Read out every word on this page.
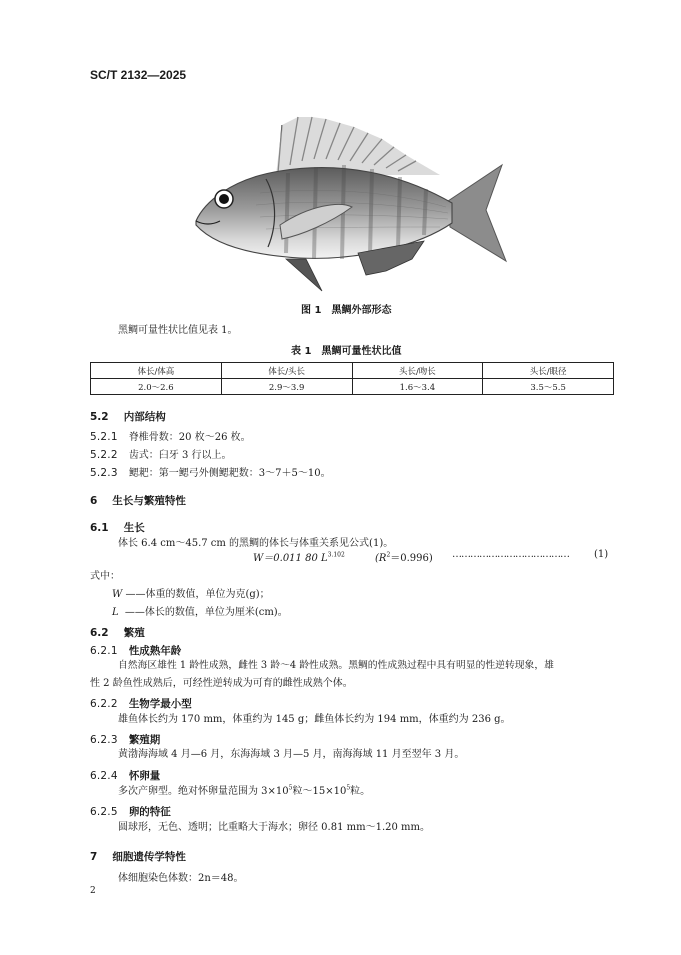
SC/T 2132—2025
图 1　黑鲷外部形态
黑鲷可量性状比值见表 1。
表 1　黑鲷可量性状比值
体长/体高	体长/头长	头长/吻长	头长/眼径
2.0～2.6	2.9～3.9	1.6～3.4	3.5～5.5
5.2 内部结构
5.2.1 脊椎骨数：20 枚～26 枚。
5.2.2 齿式：臼牙 3 行以上。
5.2.3 鳃耙：第一鳃弓外侧鳃耙数：3～7＋5～10。
6 生长与繁殖特性
6.1 生长
体长 6.4 cm～45.7 cm 的黑鲷的体长与体重关系见公式(1)。
W＝0.011 80 $L^{3.102}$	$(R^2=0.996)$ …………………………………	(1)
式中：
W ——体重的数值，单位为克(g)；
L ——体长的数值，单位为厘米(cm)。
6.2 繁殖
6.2.1 性成熟年龄
自然海区雄性 1 龄性成熟，雌性 3 龄～4 龄性成熟。黑鲷的性成熟过程中具有明显的性逆转现象，雄
性 2 龄鱼性成熟后，可经性逆转成为可育的雌性成熟个体。
6.2.2 生物学最小型
雄鱼体长约为 170 mm，体重约为 145 g；雌鱼体长约为 194 mm，体重约为 236 g。
6.2.3 繁殖期
黄渤海海域 4 月—6 月，东海海域 3 月—5 月，南海海域 11 月至翌年 3 月。
6.2.4 怀卵量
多次产卵型。绝对怀卵量范围为 $3\times 10^5$粒$\sim 15\times 10^5$粒。
6.2.5 卵的特征
圆球形，无色、透明；比重略大于海水；卵径 0.81 mm～1.20 mm。
7 细胞遗传学特性
体细胞染色体数：2n＝48。
2
